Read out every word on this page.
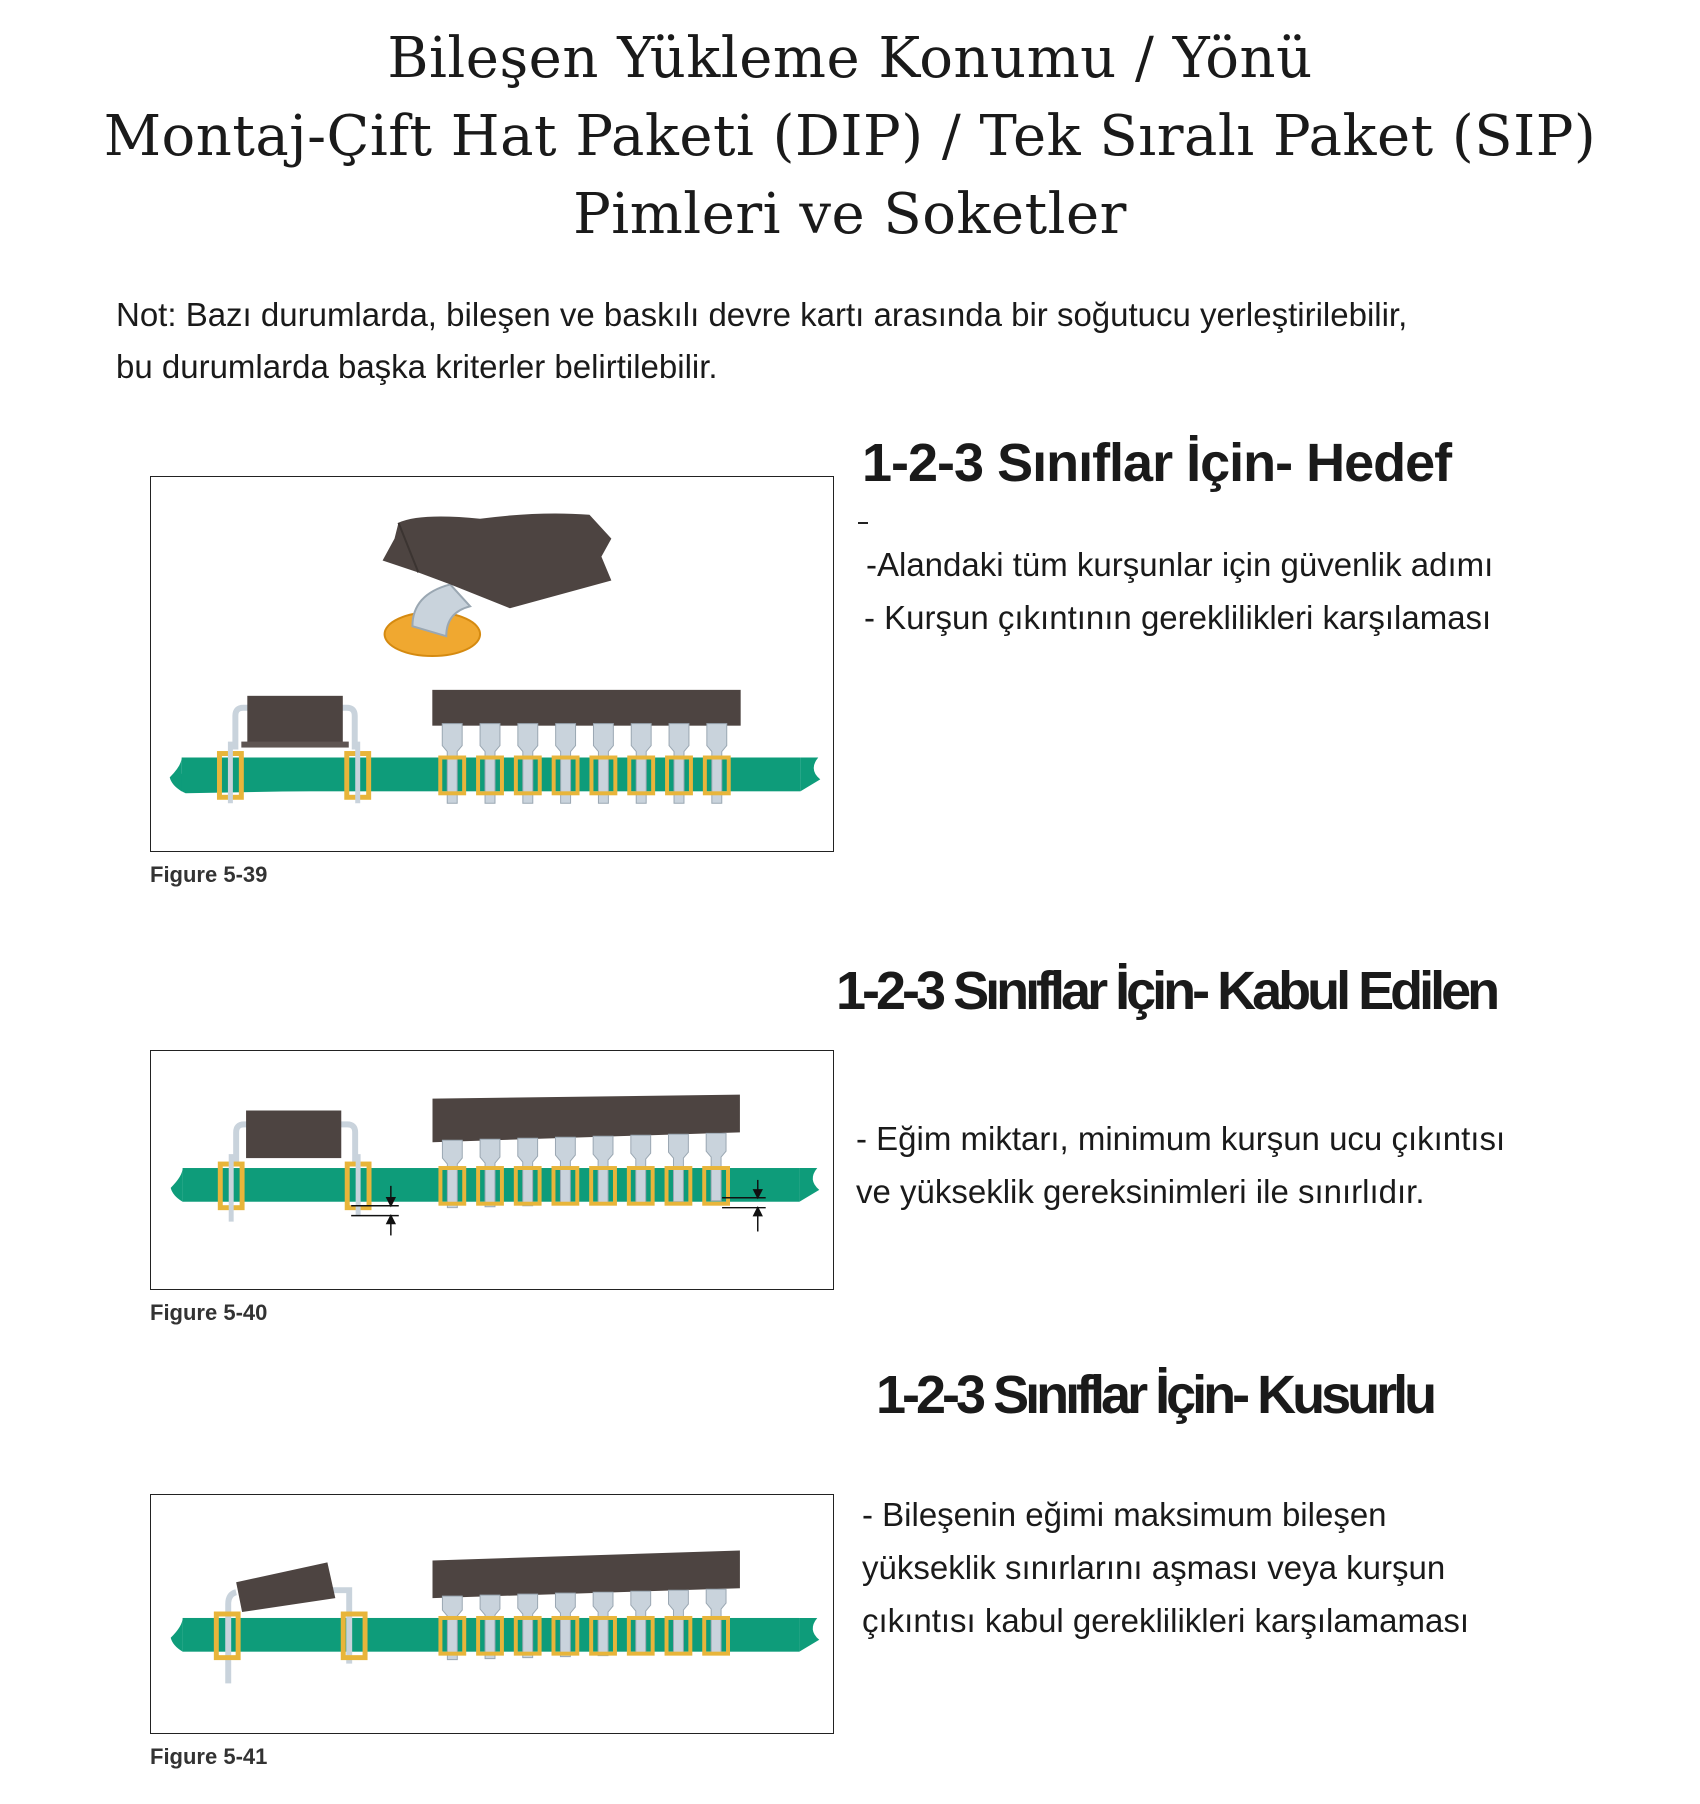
Bileşen Yükleme Konumu / Yönü
Montaj-Çift Hat Paketi (DIP) / Tek Sıralı Paket (SIP)
Pimleri ve Soketler

Not: Bazı durumlarda, bileşen ve baskılı devre kartı arasında bir soğutucu yerleştirilebilir,

bu durumlarda başka kriterler belirtilebilir.

1-2-3 Sınıflar İçin- Hedef

-Alandaki tüm kurşunlar için güvenlik adımı

- Kurşun çıkıntının gereklilikleri karşılaması

Figure 5-39

1-2-3 Sınıflar İçin- Kabul Edilen

- Eğim miktarı, minimum kurşun ucu çıkıntısı

ve yükseklik gereksinimleri ile sınırlıdır.

Figure 5-40

1-2-3 Sınıflar İçin- Kusurlu

- Bileşenin eğimi maksimum bileşen

yükseklik sınırlarını aşması veya kurşun

çıkıntısı kabul gereklilikleri karşılamaması

Figure 5-41
